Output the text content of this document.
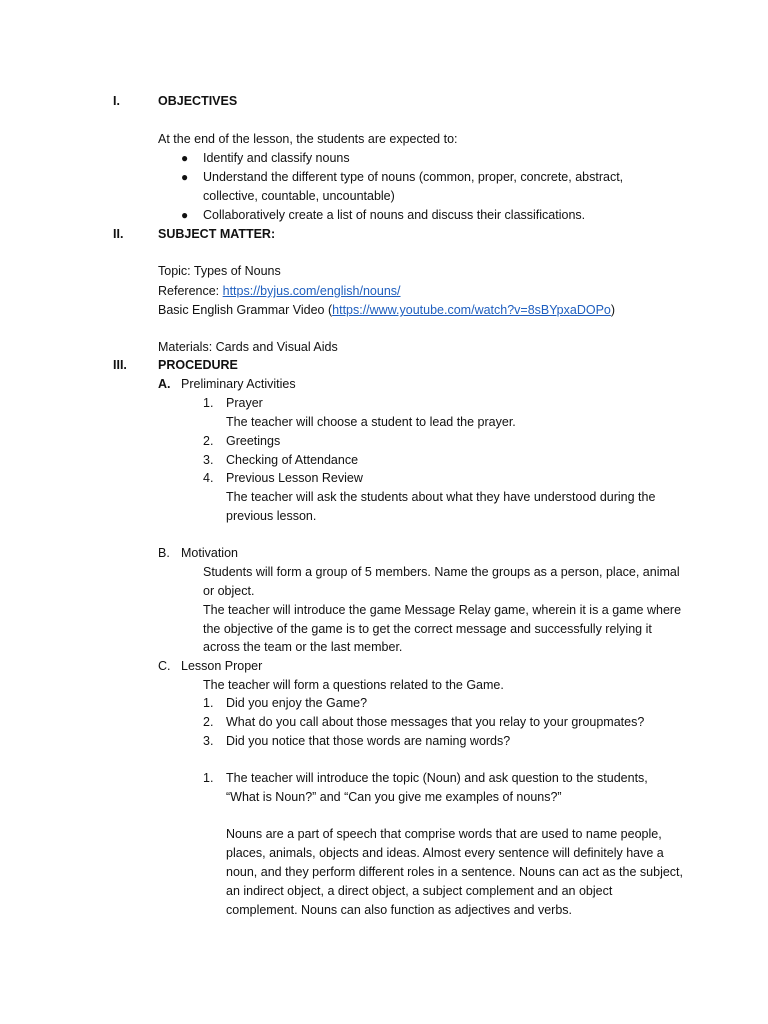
I.	OBJECTIVES
At the end of the lesson, the students are expected to:
● Identify and classify nouns
● Understand the different type of nouns (common, proper, concrete, abstract,
collective, countable, uncountable)
● Collaboratively create a list of nouns and discuss their classifications.
II.	SUBJECT MATTER:
Topic: Types of Nouns
Reference: https://byjus.com/english/nouns/
Basic English Grammar Video (https://www.youtube.com/watch?v=8sBYpxaDOPo)
Materials: Cards and Visual Aids
III. PROCEDURE
A. Preliminary Activities
1. Prayer
The teacher will choose a student to lead the prayer.
2. Greetings
3. Checking of Attendance
4. Previous Lesson Review
The teacher will ask the students about what they have understood during the
previous lesson.
B. Motivation
Students will form a group of 5 members. Name the groups as a person, place, animal
or object.
The teacher will introduce the game Message Relay game, wherein it is a game where
the objective of the game is to get the correct message and successfully relying it
across the team or the last member.
C. Lesson Proper
The teacher will form a questions related to the Game.
1. Did you enjoy the Game?
2. What do you call about those messages that you relay to your groupmates?
3. Did you notice that those words are naming words?
1. The teacher will introduce the topic (Noun) and ask question to the students,
“What is Noun?” and “Can you give me examples of nouns?”
Nouns are a part of speech that comprise words that are used to name people,
places, animals, objects and ideas. Almost every sentence will definitely have a
noun, and they perform different roles in a sentence. Nouns can act as the subject,
an indirect object, a direct object, a subject complement and an object
complement. Nouns can also function as adjectives and verbs.
